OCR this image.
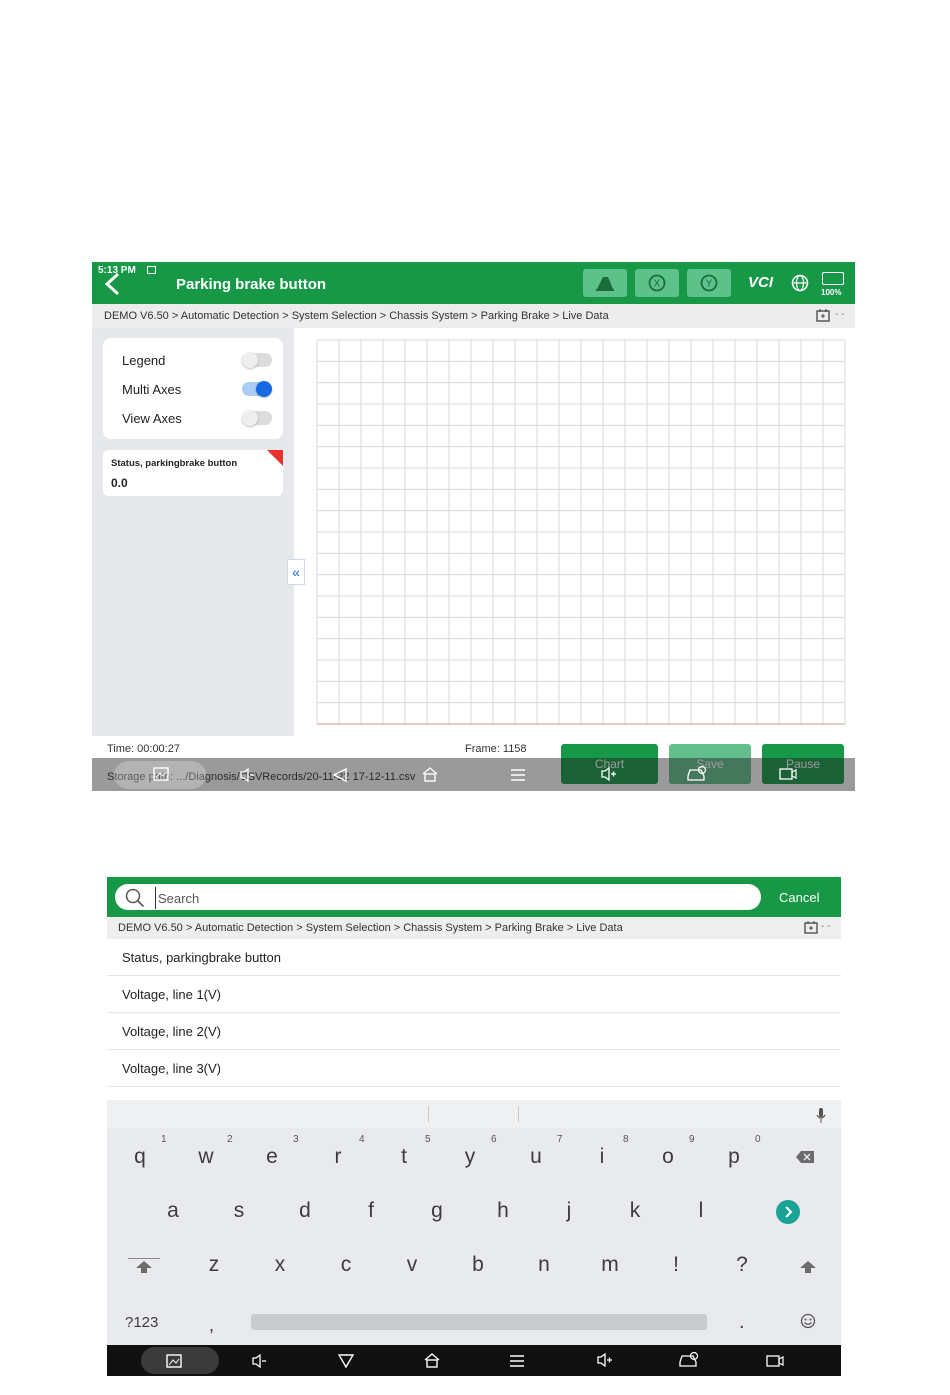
5:13 PM
Parking brake button	X	Y VCI
100%
DEMO V6.50 > Automatic Detection > System Selection > Chassis System > Parking Brake > Live Data	- -
Legend
Multi Axes
View Axes
Status, parkingbrake button
0.0
«
Time: 00:00:27	Frame: 1158
Storage path: .../Diagnosis/CSVRecords/20-11-22 17-12-11.csv
Chart	Save	Pause
Search
Cancel
DEMO V6.50 > Automatic Detection > System Selection > Chassis System > Parking Brake > Live Data	- -
Status, parkingbrake button
Voltage, line 1(V)
Voltage, line 2(V)
Voltage, line 3(V)
q
1
w
2
e
3
r
4
t
5
y
6
u
7
i
8
o
9
p
0
a	s	d	f	g	h	j	k	l
z	x	c	v	b	n	m	!	?
?123	,	.
